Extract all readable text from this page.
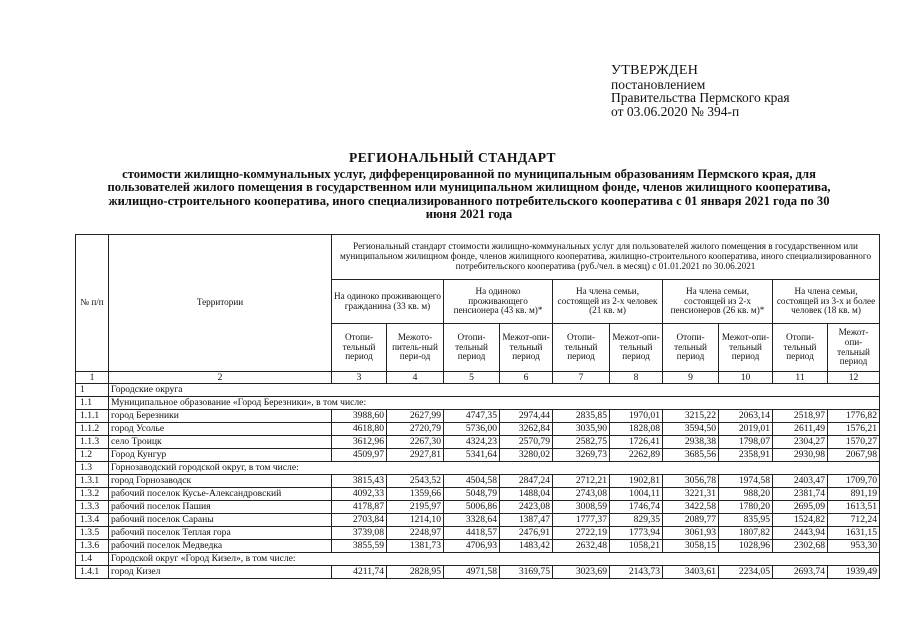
УТВЕРЖДЕН
постановлением
Правительства Пермского края
от 03.06.2020 № 394-п
РЕГИОНАЛЬНЫЙ СТАНДАРТ
стоимости жилищно-коммунальных услуг, дифференцированной по муниципальным образованиям Пермского края, для пользователей жилого помещения в государственном или муниципальном жилищном фонде, членов жилищного кооператива, жилищно-строительного кооператива, иного специализированного потребительского кооператива с 01 января 2021 года по 30 июня 2021 года
№ п/п	Территории	Региональный стандарт стоимости жилищно-коммунальных услуг для пользователей жилого помещения в государственном или муниципальном жилищном фонде, членов жилищного кооператива, жилищно-строительного кооператива, иного специализированного потребительского кооператива (руб./чел. в месяц) с 01.01.2021 по 30.06.2021									
		На одиноко проживающего гражданина (33 кв. м)		На одиноко проживающего пенсионера (43 кв. м)*		На члена семьи, состоящей из 2-х человек (21 кв. м)		На члена семьи, состоящей из 2-х пенсионеров (26 кв. м)*		На члена семьи, состоящей из 3-х и более человек (18 кв. м)	
		Отопи-тельный период	Межото-питель-ный пери-од	Отопи-тельный период	Межот-опи-тельный период	Отопи-тельный период	Межот-опи-тельный период	Отопи-тельный период	Межот-опи-тельный период	Отопи-тельный период	Межот-опи-тельный период
1	2	3	4	5	6	7	8	9	10	11	12
1	Городские округа										
1.1	Муниципальное образование «Город Березники», в том числе:										
1.1.1	город Березники	3988,60	2627,99	4747,35	2974,44	2835,85	1970,01	3215,22	2063,14	2518,97	1776,82
1.1.2	город Усолье	4618,80	2720,79	5736,00	3262,84	3035,90	1828,08	3594,50	2019,01	2611,49	1576,21
1.1.3	село Троицк	3612,96	2267,30	4324,23	2570,79	2582,75	1726,41	2938,38	1798,07	2304,27	1570,27
1.2	Город Кунгур	4509,97	2927,81	5341,64	3280,02	3269,73	2262,89	3685,56	2358,91	2930,98	2067,98
1.3	Горнозаводский городской округ, в том числе:										
1.3.1	город Горнозаводск	3815,43	2543,52	4504,58	2847,24	2712,21	1902,81	3056,78	1974,58	2403,47	1709,70
1.3.2	рабочий поселок Кусье-Александровский	4092,33	1359,66	5048,79	1488,04	2743,08	1004,11	3221,31	988,20	2381,74	891,19
1.3.3	рабочий поселок Пашия	4178,87	2195,97	5006,86	2423,08	3008,59	1746,74	3422,58	1780,20	2695,09	1613,51
1.3.4	рабочий поселок Сараны	2703,84	1214,10	3328,64	1387,47	1777,37	829,35	2089,77	835,95	1524,82	712,24
1.3.5	рабочий поселок Теплая гора	3739,08	2248,97	4418,57	2476,91	2722,19	1773,94	3061,93	1807,82	2443,94	1631,15
1.3.6	рабочий поселок Медведка	3855,59	1381,73	4706,93	1483,42	2632,48	1058,21	3058,15	1028,96	2302,68	953,30
1.4	Городской округ «Город Кизел», в том числе:										
1.4.1	город Кизел	4211,74	2828,95	4971,58	3169,75	3023,69	2143,73	3403,61	2234,05	2693,74	1939,49
